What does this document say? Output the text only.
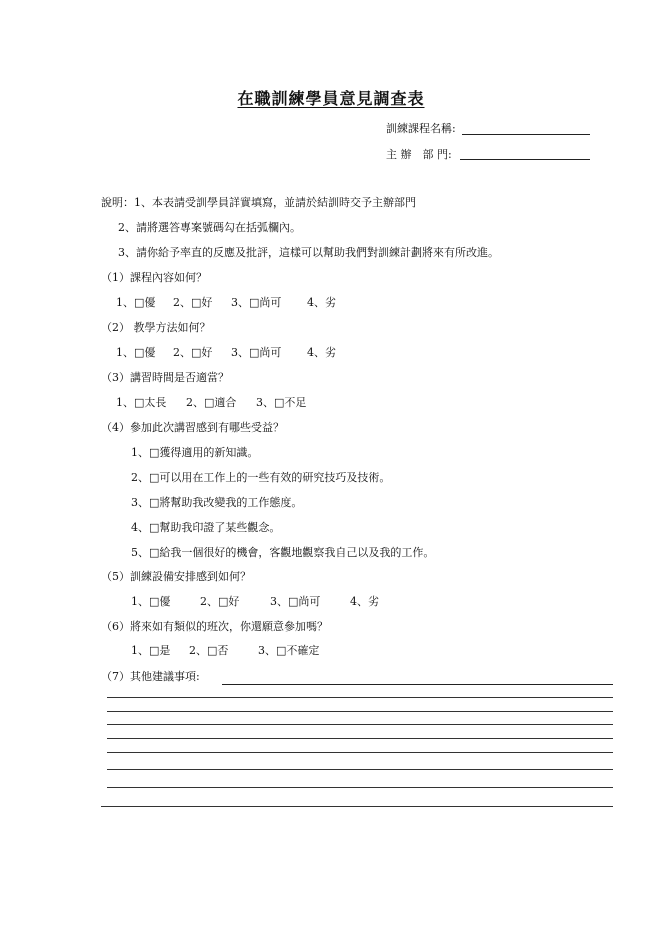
在職訓練學員意見調查表
訓練課程名稱:
主 辦　部 門:
說明：1、本表請受訓學員詳實填寫，並請於結訓時交予主辦部門
2、請將選答專案號碼勾在括弧欄內。
3、請你給予率直的反應及批評，這樣可以幫助我們對訓練計劃將來有所改進。
（1）課程內容如何？
1、□優 2、□好 3、□尚可 4、劣
（2） 教學方法如何？
1、□優 2、□好 3、□尚可 4、劣
（3）講習時間是否適當？
1、□太長 2、□適合 3、□不足
（4）參加此次講習感到有哪些受益？
1、□獲得適用的新知識。
2、□可以用在工作上的一些有效的研究技巧及技術。
3、□將幫助我改變我的工作態度。
4、□幫助我印證了某些觀念。
5、□給我一個很好的機會，客觀地觀察我自己以及我的工作。
（5）訓練設備安排感到如何？
1、□優	2、□好	3、□尚可	4、劣
（6）將來如有類似的班次，你還願意參加嗎？
1、□是 2、□否	3、□不確定
（7）其他建議事項:
